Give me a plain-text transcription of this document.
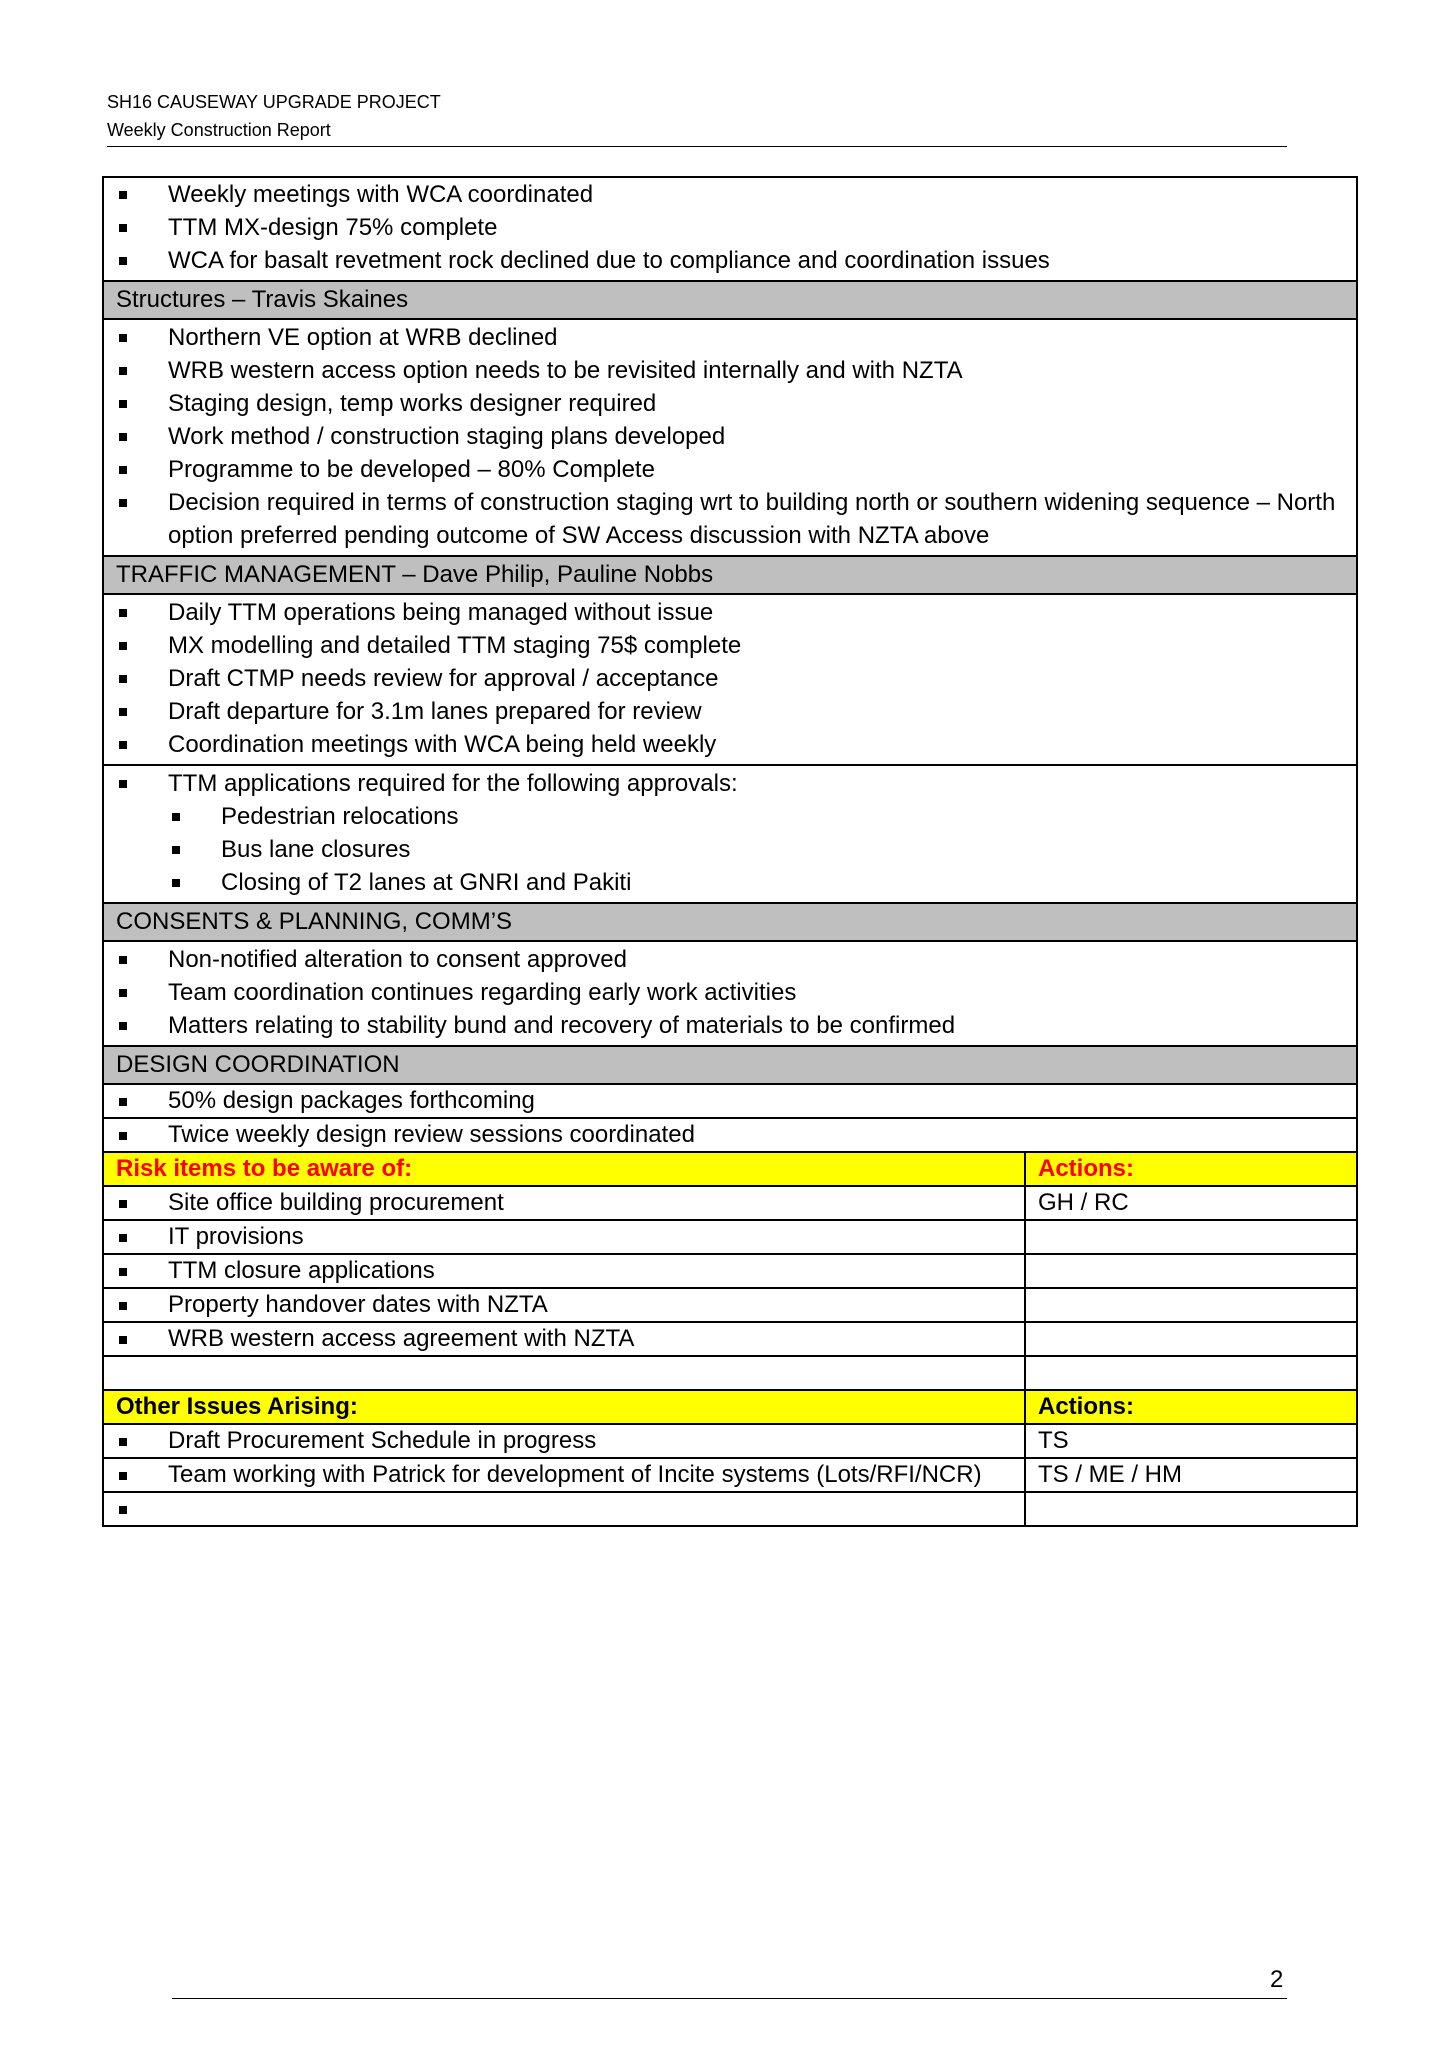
SH16 CAUSEWAY UPGRADE PROJECT
Weekly Construction Report
Weekly meetings with WCA coordinated
TTM MX-design 75% complete
WCA for basalt revetment rock declined due to compliance and coordination issues
Structures – Travis Skaines
Northern VE option at WRB declined
WRB western access option needs to be revisited internally and with NZTA
Staging design, temp works designer required
Work method / construction staging plans developed
Programme to be developed – 80% Complete
Decision required in terms of construction staging wrt to building north or southern widening sequence – North option preferred pending outcome of SW Access discussion with NZTA above
TRAFFIC MANAGEMENT – Dave Philip, Pauline Nobbs
Daily TTM operations being managed without issue
MX modelling and detailed TTM staging 75$ complete
Draft CTMP needs review for approval / acceptance
Draft departure for 3.1m lanes prepared for review
Coordination meetings with WCA being held weekly
TTM applications required for the following approvals:
Pedestrian relocations
Bus lane closures
Closing of T2 lanes at GNRI and Pakiti
CONSENTS & PLANNING, COMM’S
Non-notified alteration to consent approved
Team coordination continues regarding early work activities
Matters relating to stability bund and recovery of materials to be confirmed
DESIGN COORDINATION
50% design packages forthcoming
Twice weekly design review sessions coordinated
Risk items to be aware of:	Actions:
Site office building procurement	GH / RC
IT provisions
TTM closure applications
Property handover dates with NZTA
WRB western access agreement with NZTA
Other Issues Arising:	Actions:
Draft Procurement Schedule in progress	TS
Team working with Patrick for development of Incite systems (Lots/RFI/NCR)	TS / ME / HM
2
